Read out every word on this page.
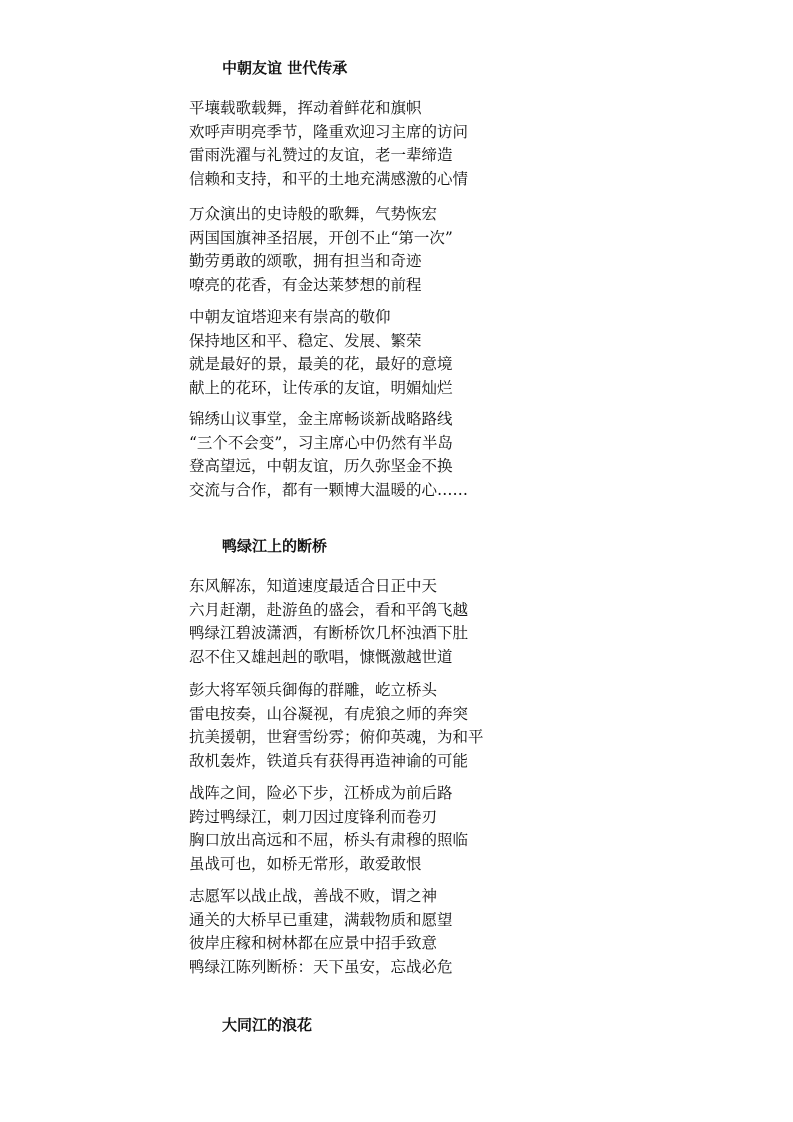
中朝友谊 世代传承
平壤载歌载舞，挥动着鲜花和旗帜
欢呼声明亮季节，隆重欢迎习主席的访问
雷雨洗濯与礼赞过的友谊，老一辈缔造
信赖和支持，和平的土地充满感激的心情
万众演出的史诗般的歌舞，气势恢宏
两国国旗神圣招展，开创不止“第一次”
勤劳勇敢的颂歌，拥有担当和奇迹
嘹亮的花香，有金达莱梦想的前程
中朝友谊塔迎来有崇高的敬仰
保持地区和平、稳定、发展、繁荣
就是最好的景，最美的花，最好的意境
献上的花环，让传承的友谊，明媚灿烂
锦绣山议事堂，金主席畅谈新战略路线
“三个不会变”，习主席心中仍然有半岛
登高望远，中朝友谊，历久弥坚金不换
交流与合作，都有一颗博大温暖的心……
鸭绿江上的断桥
东风解冻，知道速度最适合日正中天
六月赶潮，赴游鱼的盛会，看和平鸽飞越
鸭绿江碧波潇洒，有断桥饮几杯浊酒下肚
忍不住又雄赳赳的歌唱，慷慨激越世道
彭大将军领兵御侮的群雕，屹立桥头
雷电按奏，山谷凝视，有虎狼之师的奔突
抗美援朝，世窘雪纷雰；俯仰英魂，为和平
敌机轰炸，铁道兵有获得再造神谕的可能
战阵之间，险必下步，江桥成为前后路
跨过鸭绿江，刺刀因过度锋利而卷刃
胸口放出高远和不屈，桥头有肃穆的照临
虽战可也，如桥无常形，敢爱敢恨
志愿军以战止战，善战不败，谓之神
通关的大桥早已重建，满载物质和愿望
彼岸庄稼和树林都在应景中招手致意
鸭绿江陈列断桥：天下虽安，忘战必危
大同江的浪花
